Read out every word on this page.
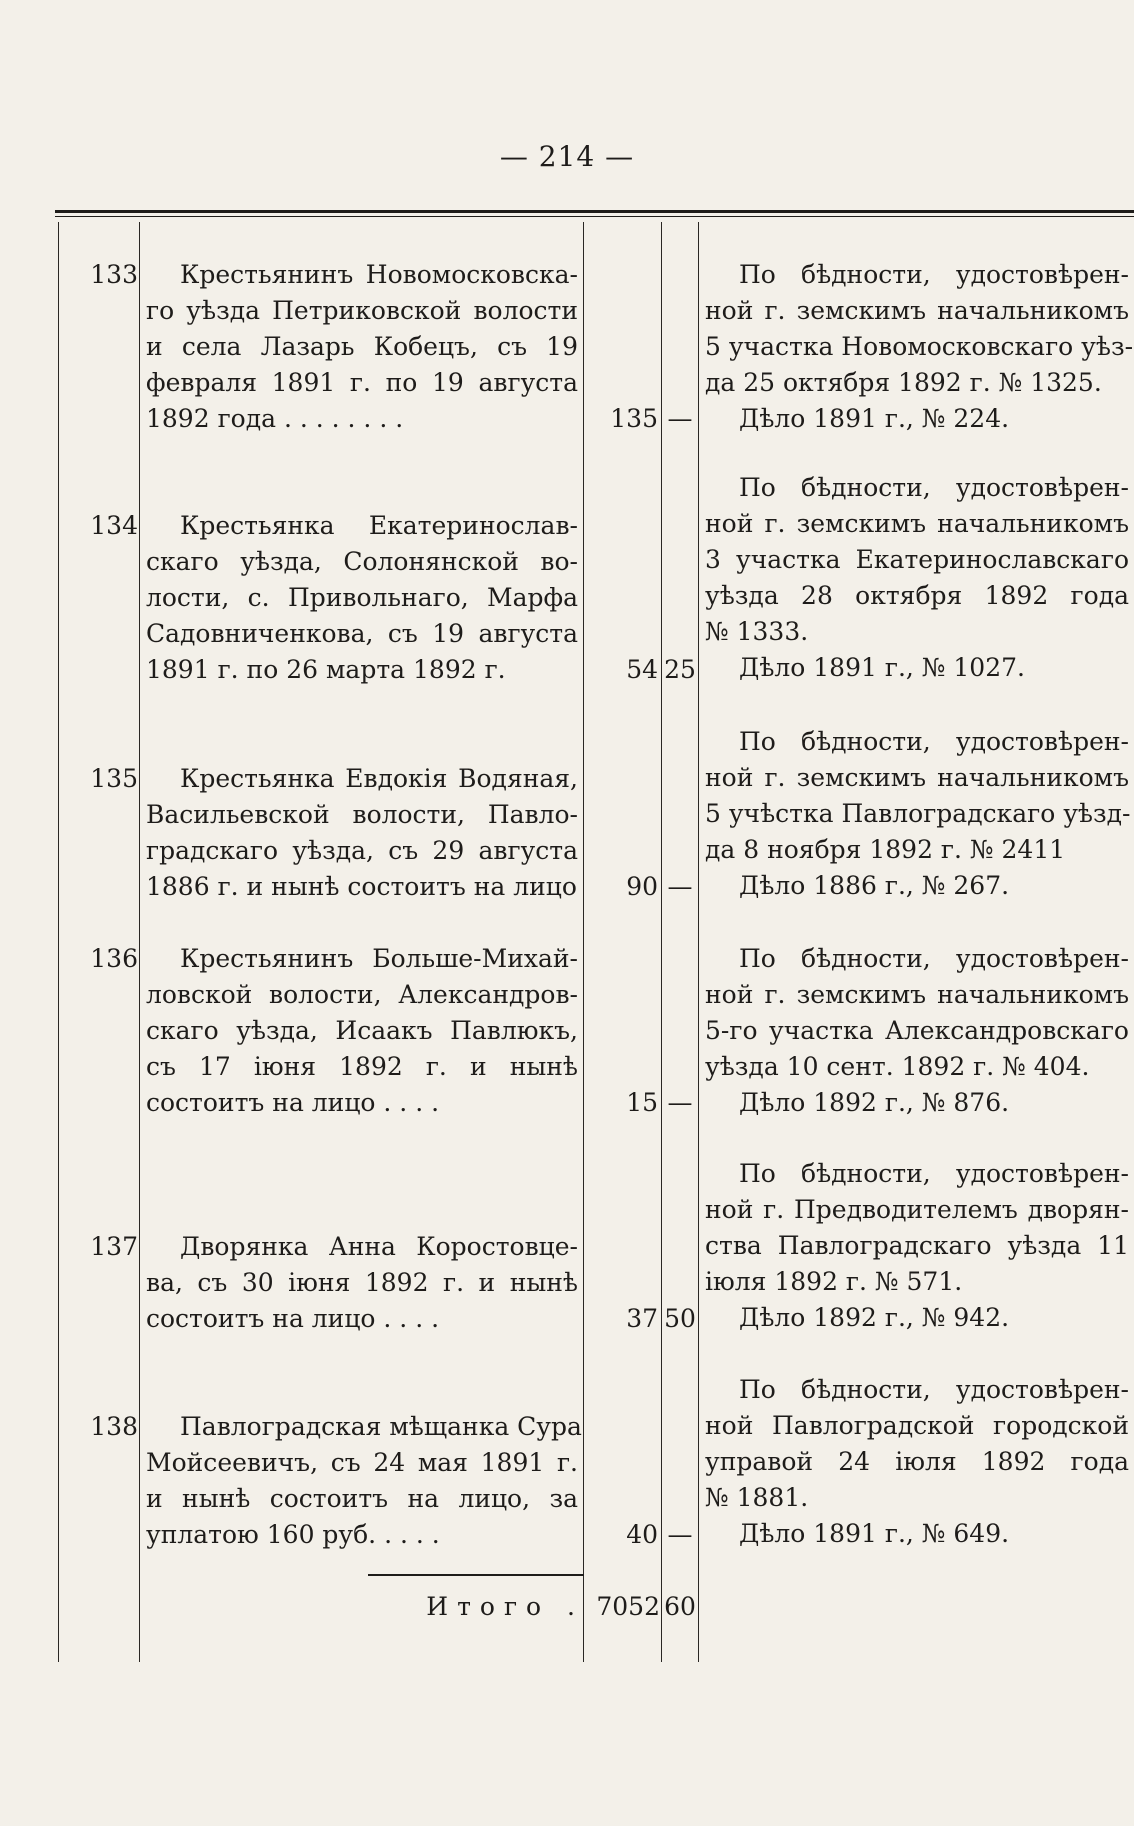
— 214 —
133	Крестьянинъ Новомосковска-
го уѣзда Петриковской волости
и села Лазарь Кобецъ, съ 19
февраля 1891 г. по 19 августа
1892 года . . . . . . . .	135 —
По бѣдности, удостовѣрен-
ной г. земскимъ начальникомъ
5 участка Новомосковскаго уѣз-
да 25 октября 1892 г. № 1325.
Дѣло 1891 г., № 224.
134	Крестьянка Екатеринослав-
скаго уѣзда, Солонянской во-
лости, с. Привольнаго, Марфа
Садовниченкова, съ 19 августа
1891 г. по 26 марта 1892 г.	54 25
По бѣдности, удостовѣрен-
ной г. земскимъ начальникомъ
3 участка Екатеринославскаго
уѣзда 28 октября 1892 года
№ 1333.
Дѣло 1891 г., № 1027.
135	Крестьянка Евдокія Водяная,
Васильевской волости, Павло-
градскаго уѣзда, съ 29 августа
1886 г. и нынѣ состоитъ на лицо	90 —
По бѣдности, удостовѣрен-
ной г. земскимъ начальникомъ
5 учѣстка Павлоградскаго уѣзд-
да 8 ноября 1892 г. № 2411
Дѣло 1886 г., № 267.
136	Крестьянинъ Больше-Михай-
ловской волости, Александров-
скаго уѣзда, Исаакъ Павлюкъ,
съ 17 іюня 1892 г. и нынѣ
состоитъ на лицо . . . .	15 —
По бѣдности, удостовѣрен-
ной г. земскимъ начальникомъ
5-го участка Александровскаго
уѣзда 10 сент. 1892 г. № 404.
Дѣло 1892 г., № 876.
137	Дворянка Анна Коростовце-
ва, съ 30 іюня 1892 г. и нынѣ
состоитъ на лицо . . . .	37 50
По бѣдности, удостовѣрен-
ной г. Предводителемъ дворян-
ства Павлоградскаго уѣзда 11
іюля 1892 г. № 571.
Дѣло 1892 г., № 942.
138	Павлоградская мѣщанка Сура
Мойсеевичъ, съ 24 мая 1891 г.
и нынѣ состоитъ на лицо, за
уплатою 160 руб. . . . .	40 —
По бѣдности, удостовѣрен-
ной Павлоградской городской
управой 24 іюля 1892 года
№ 1881.
Дѣло 1891 г., № 649.
Итого . 7052 60
